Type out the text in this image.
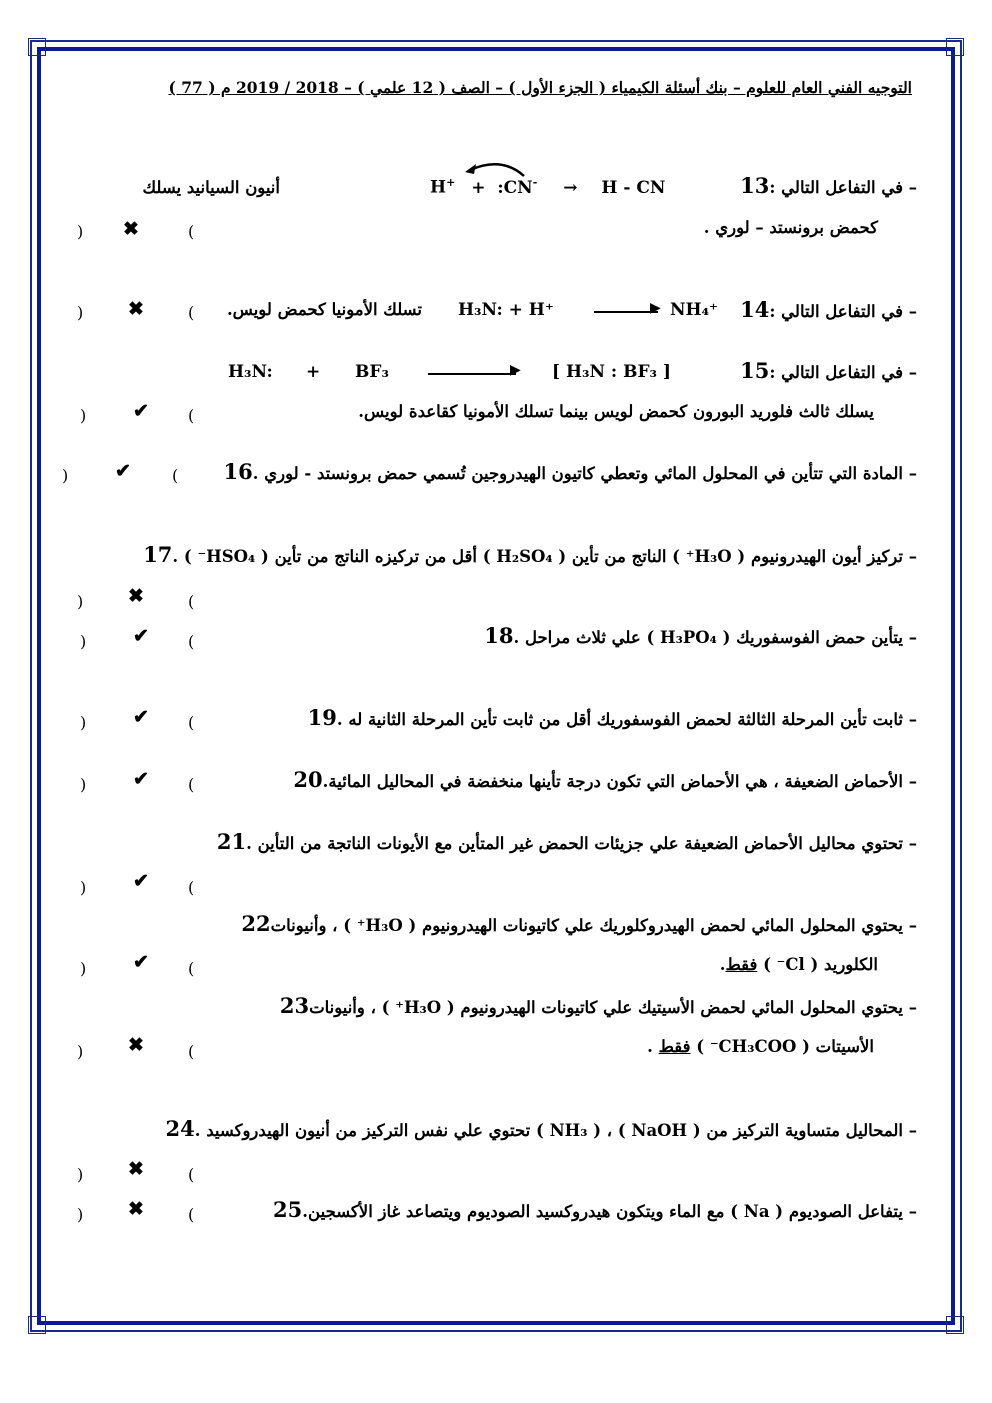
التوجيه الفني العام للعلوم – بنك أسئلة الكيمياء ( الجزء الأول ) – الصف ( 12 علمي ) – 2018 / 2019 م ( 77 )
13– في التفاعل التالي :
H+ + :CN- → H - CN
أنيون السيانيد يسلك
كحمض برونستد – لوري .
(
✖
)
14– في التفاعل التالي :
H₃N: + H⁺	▶ NH₄⁺
تسلك الأمونيا كحمض لويس.
(
✖
)
15– في التفاعل التالي :
H₃N: + BF₃	▶ [ H₃N : BF₃ ]
يسلك ثالث فلوريد البورون كحمض لويس بينما تسلك الأمونيا كقاعدة لويس.
(
✔
)
16– المادة التي تتأين في المحلول المائي وتعطي كاتيون الهيدروجين تُسمي حمض برونستد - لوري .
(
✔
)
17– تركيز أيون الهيدرونيوم ( H₃O⁺ ) الناتج من تأين ( H₂SO₄ ) أقل من تركيزه الناتج من تأين ( HSO₄⁻ ) .
(
✖
)
18– يتأين حمض الفوسفوريك ( H₃PO₄ ) علي ثلاث مراحل .
(
✔
)
19– ثابت تأين المرحلة الثالثة لحمض الفوسفوريك أقل من ثابت تأين المرحلة الثانية له .
(
✔
)
20– الأحماض الضعيفة ، هي الأحماض التي تكون درجة تأينها منخفضة في المحاليل المائية.
(
✔
)
21– تحتوي محاليل الأحماض الضعيفة علي جزيئات الحمض غير المتأين مع الأيونات الناتجة من التأين .
(
✔
)
22– يحتوي المحلول المائي لحمض الهيدروكلوريك علي كاتيونات الهيدرونيوم ( H₃O⁺ ) ، وأنيونات
الكلوريد ( Cl⁻ ) فقط.
(
✔
)
23– يحتوي المحلول المائي لحمض الأسيتيك علي كاتيونات الهيدرونيوم ( H₃O⁺ ) ، وأنيونات
الأسيتات ( CH₃COO⁻ ) فقط .
(
✖
)
24– المحاليل متساوية التركيز من ( NaOH ) ، ( NH₃ ) تحتوي علي نفس التركيز من أنيون الهيدروكسيد .
(
✖
)
25– يتفاعل الصوديوم ( Na ) مع الماء ويتكون هيدروكسيد الصوديوم ويتصاعد غاز الأكسجين.
(
✖
)
